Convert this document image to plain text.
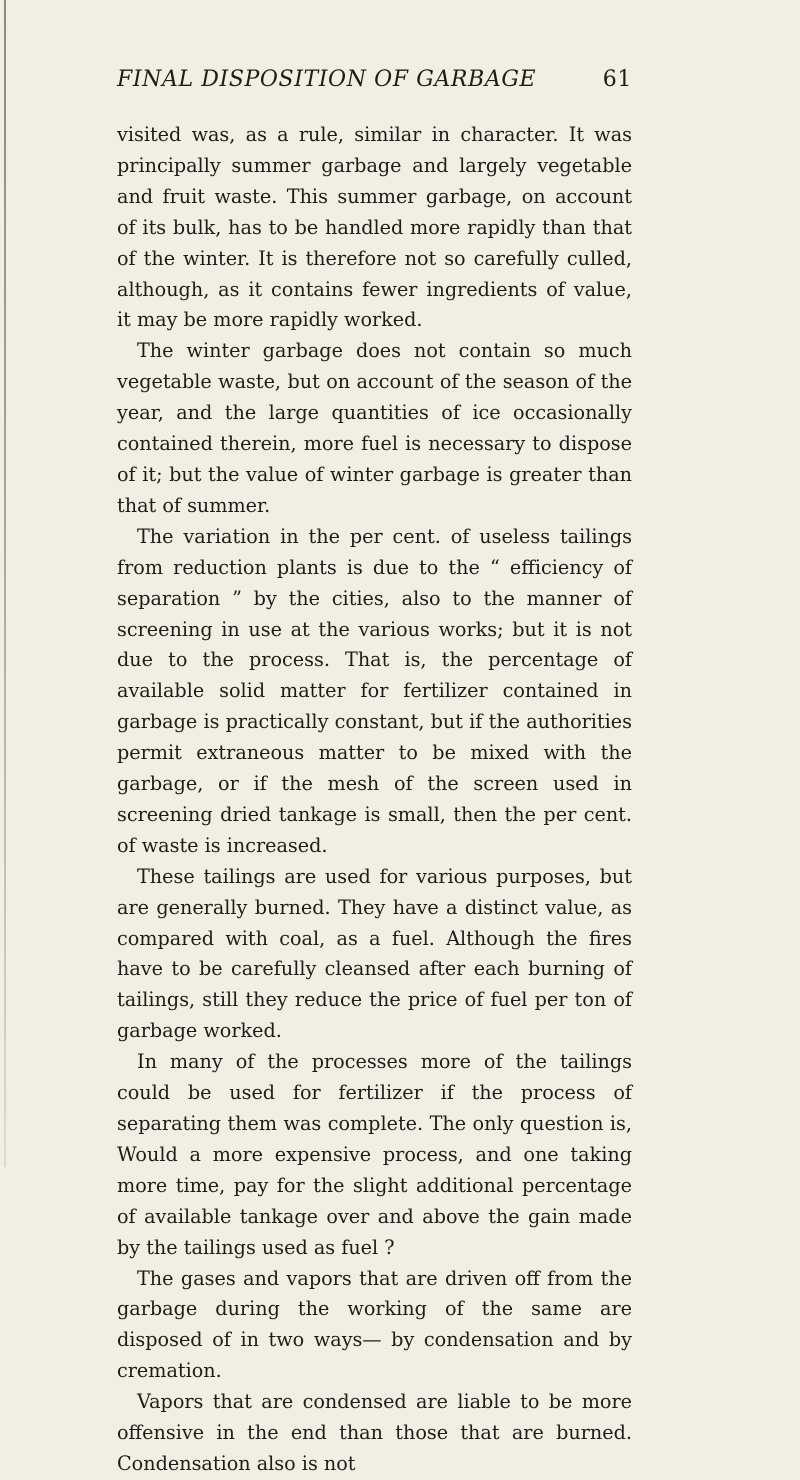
FINAL DISPOSITION OF GARBAGE	61

visited was, as a rule, similar in character. It was principally summer garbage and largely vegetable and fruit waste. This summer garbage, on account of its bulk, has to be handled more rapidly than that of the winter. It is therefore not so carefully culled, although, as it contains fewer ingredients of value, it may be more rapidly worked.

The winter garbage does not contain so much vegetable waste, but on account of the season of the year, and the large quantities of ice occasionally contained therein, more fuel is necessary to dispose of it; but the value of winter garbage is greater than that of summer.

The variation in the per cent. of useless tailings from reduction plants is due to the “ efficiency of separation ” by the cities, also to the manner of screening in use at the various works; but it is not due to the process. That is, the percentage of available solid matter for fertilizer contained in garbage is practically constant, but if the authorities permit extraneous matter to be mixed with the garbage, or if the mesh of the screen used in screening dried tankage is small, then the per cent. of waste is increased.

These tailings are used for various purposes, but are generally burned. They have a distinct value, as compared with coal, as a fuel. Although the fires have to be carefully cleansed after each burning of tailings, still they reduce the price of fuel per ton of garbage worked.

In many of the processes more of the tailings could be used for fertilizer if the process of separating them was complete. The only question is, Would a more expensive process, and one taking more time, pay for the slight additional percentage of available tankage over and above the gain made by the tailings used as fuel ?

The gases and vapors that are driven off from the garbage during the working of the same are disposed of in two ways— by condensation and by cremation.

Vapors that are condensed are liable to be more offensive in the end than those that are burned. Condensation also is not
